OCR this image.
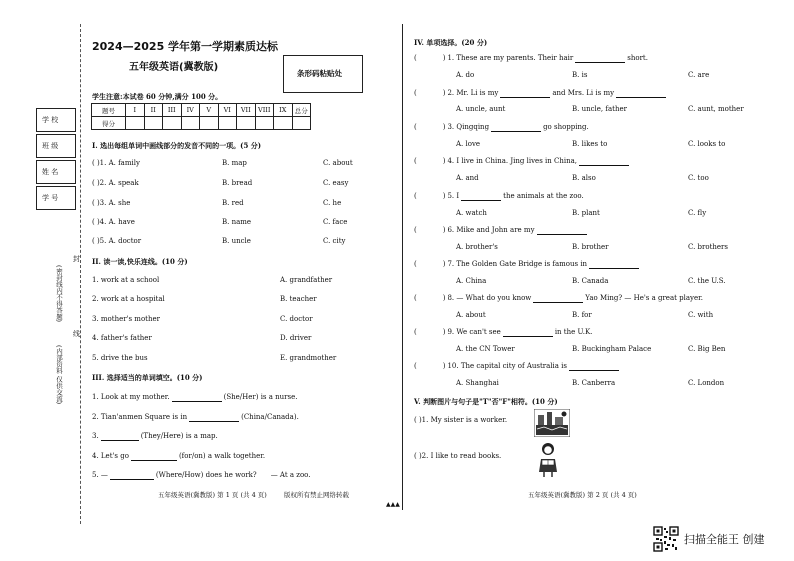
学 校
班 级
姓 名
学 号
封
线
(密封线内不得答题)
(内部资料 仅供交流)
2024—2025 学年第一学期素质达标
五年级英语(冀教版)
条形码粘贴处
学生注意:本试卷 60 分钟,满分 100 分。
题号	I	II	III	IV	V	VI	VII	VIII	IX	总分
得分										
I. 选出每组单词中画线部分的发音不同的一项。(5 分)
( )1. A. family	B. map	C. about
( )2. A. speak	B. bread	C. easy
( )3. A. she	B. red	C. he
( )4. A. have	B. name	C. face
( )5. A. doctor	B. uncle	C. city
II. 读一读,快乐连线。(10 分)
1. work at a school	A. grandfather
2. work at a hospital	B. teacher
3. mother's mother	C. doctor
4. father's father	D. driver
5. drive the bus	E. grandmother
III. 选择适当的单词填空。(10 分)
1. Look at my mother.	(She/Her) is a nurse.
2. Tian'anmen Square is in	(China/Canada).
3.	(They/Here) is a map.
4. Let's go	(for/on) a walk together.
5. —	(Where/How) does he work? — At a zoo.
五年级英语(冀教版) 第 1 页 (共 4 页)	版权所有禁止网络转载
▲▲▲
IV. 单项选择。(20 分)
(	) 1. These are my parents. Their hair	short.
A. do	B. is	C. are
(	) 2. Mr. Li is my	and Mrs. Li is my
A. uncle, aunt	B. uncle, father	C. aunt, mother
(	) 3. Qingqing	go shopping.
A. love	B. likes to	C. looks to
(	) 4. I live in China. Jing lives in China,
A. and	B. also	C. too
(	) 5. I	the animals at the zoo.
A. watch	B. plant	C. fly
(	) 6. Mike and John are my
A. brother's	B. brother	C. brothers
(	) 7. The Golden Gate Bridge is famous in
A. China	B. Canada	C. the U.S.
(	) 8. — What do you know	Yao Ming? — He's a great player.
A. about	B. for	C. with
(	) 9. We can't see	in the U.K.
A. the CN Tower	B. Buckingham Palace	C. Big Ben
(	) 10. The capital city of Australia is
A. Shanghai	B. Canberra	C. London
V. 判断图片与句子是"T"否"F"相符。(10 分)
( )1. My sister is a worker.
( )2. I like to read books.
五年级英语(冀教版) 第 2 页 (共 4 页)
扫描全能王 创建
